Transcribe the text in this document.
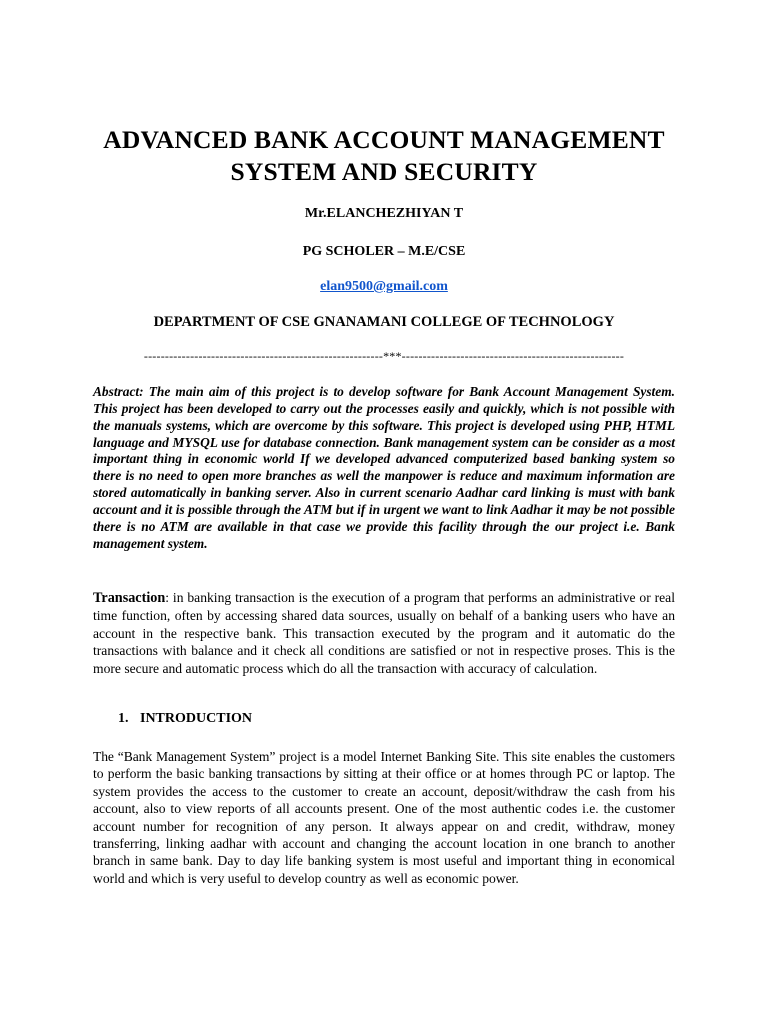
ADVANCED BANK ACCOUNT MANAGEMENT
SYSTEM AND SECURITY
Mr.ELANCHEZHIYAN T
PG SCHOLER – M.E/CSE
elan9500@gmail.com
DEPARTMENT OF CSE GNANAMANI COLLEGE OF TECHNOLOGY
---------------------------------------------------------***-----------------------------------------------------
Abstract: The main aim of this project is to develop software for Bank Account Management System. This project has been developed to carry out the processes easily and quickly, which is not possible with the manuals systems, which are overcome by this software. This project is developed using PHP, HTML language and MYSQL use for database connection. Bank management system can be consider as a most important thing in economic world If we developed advanced computerized based banking system so there is no need to open more branches as well the manpower is reduce and maximum information are stored automatically in banking server. Also in current scenario Aadhar card linking is must with bank account and it is possible through the ATM but if in urgent we want to link Aadhar it may be not possible there is no ATM are available in that case we provide this facility through the our project i.e. Bank management system.
Transaction: in banking transaction is the execution of a program that performs an administrative or real time function, often by accessing shared data sources, usually on behalf of a banking users who have an account in the respective bank. This transaction executed by the program and it automatic do the transactions with balance and it check all conditions are satisfied or not in respective proses. This is the more secure and automatic process which do all the transaction with accuracy of calculation.
1. INTRODUCTION
The “Bank Management System” project is a model Internet Banking Site. This site enables the customers to perform the basic banking transactions by sitting at their office or at homes through PC or laptop. The system provides the access to the customer to create an account, deposit/withdraw the cash from his account, also to view reports of all accounts present. One of the most authentic codes i.e. the customer account number for recognition of any person. It always appear on and credit, withdraw, money transferring, linking aadhar with account and changing the account location in one branch to another branch in same bank. Day to day life banking system is most useful and important thing in economical world and which is very useful to develop country as well as economic power.
